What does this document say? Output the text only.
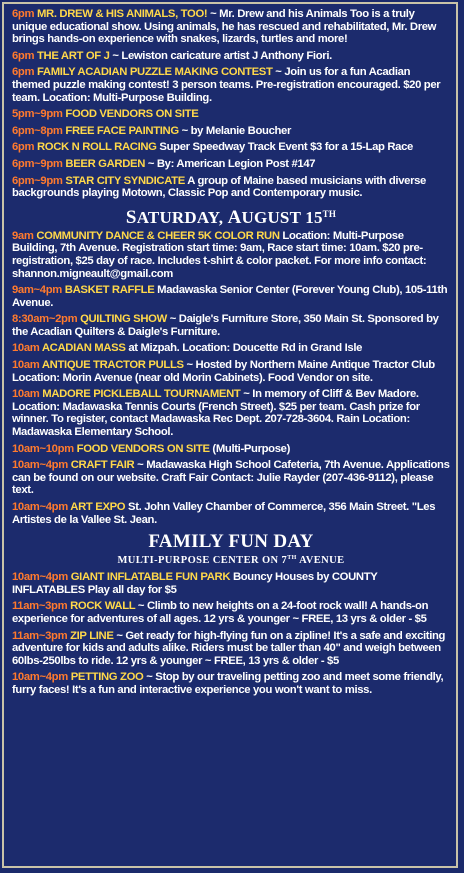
6pm MR. DREW & HIS ANIMALS, TOO! ~ Mr. Drew and his Animals Too is a truly unique educational show. Using animals, he has rescued and rehabilitated, Mr. Drew brings hands-on experience with snakes, lizards, turtles and more!

6pm THE ART OF J ~ Lewiston caricature artist J Anthony Fiori.

6pm FAMILY ACADIAN PUZZLE MAKING CONTEST ~ Join us for a fun Acadian themed puzzle making contest! 3 person teams. Pre-registration encouraged. $20 per team. Location: Multi-Purpose Building.

5pm~9pm FOOD VENDORS ON SITE

6pm~8pm FREE FACE PAINTING ~ by Melanie Boucher

6pm ROCK N ROLL RACING Super Speedway Track Event $3 for a 15-Lap Race

6pm~9pm BEER GARDEN ~ By: American Legion Post #147

6pm~9pm STAR CITY SYNDICATE A group of Maine based musicians with diverse backgrounds playing Motown, Classic Pop and Contemporary music.

SATURDAY, AUGUST 15TH

9am COMMUNITY DANCE & CHEER 5K COLOR RUN Location: Multi-Purpose Building, 7th Avenue. Registration start time: 9am, Race start time: 10am. $20 pre-registration, $25 day of race. Includes t-shirt & color packet. For more info contact: shannon.migneault@gmail.com

9am~4pm BASKET RAFFLE Madawaska Senior Center (Forever Young Club), 105-11th Avenue.

8:30am~2pm QUILTING SHOW ~ Daigle's Furniture Store, 350 Main St. Sponsored by the Acadian Quilters & Daigle's Furniture.

10am ACADIAN MASS at Mizpah. Location: Doucette Rd in Grand Isle

10am ANTIQUE TRACTOR PULLS ~ Hosted by Northern Maine Antique Tractor Club Location: Morin Avenue (near old Morin Cabinets). Food Vendor on site.

10am MADORE PICKLEBALL TOURNAMENT ~ In memory of Cliff & Bev Madore. Location: Madawaska Tennis Courts (French Street). $25 per team. Cash prize for winner. To register, contact Madawaska Rec Dept. 207-728-3604. Rain Location: Madawaska Elementary School.

10am~10pm FOOD VENDORS ON SITE (Multi-Purpose)

10am~4pm CRAFT FAIR ~ Madawaska High School Cafeteria, 7th Avenue. Applications can be found on our website. Craft Fair Contact: Julie Rayder (207-436-9112), please text.

10am~4pm ART EXPO St. John Valley Chamber of Commerce, 356 Main Street. "Les Artistes de la Vallee St. Jean.

FAMILY FUN DAY
MULTI-PURPOSE CENTER ON 7TH AVENUE

10am~4pm GIANT INFLATABLE FUN PARK Bouncy Houses by COUNTY INFLATABLES Play all day for $5

11am~3pm ROCK WALL ~ Climb to new heights on a 24-foot rock wall! A hands-on experience for adventures of all ages. 12 yrs & younger ~ FREE, 13 yrs & older - $5

11am~3pm ZIP LINE ~ Get ready for high-flying fun on a zipline! It's a safe and exciting adventure for kids and adults alike. Riders must be taller than 40" and weigh between 60lbs-250lbs to ride. 12 yrs & younger ~ FREE, 13 yrs & older - $5

10am~4pm PETTING ZOO ~ Stop by our traveling petting zoo and meet some friendly, furry faces! It's a fun and interactive experience you won't want to miss.
